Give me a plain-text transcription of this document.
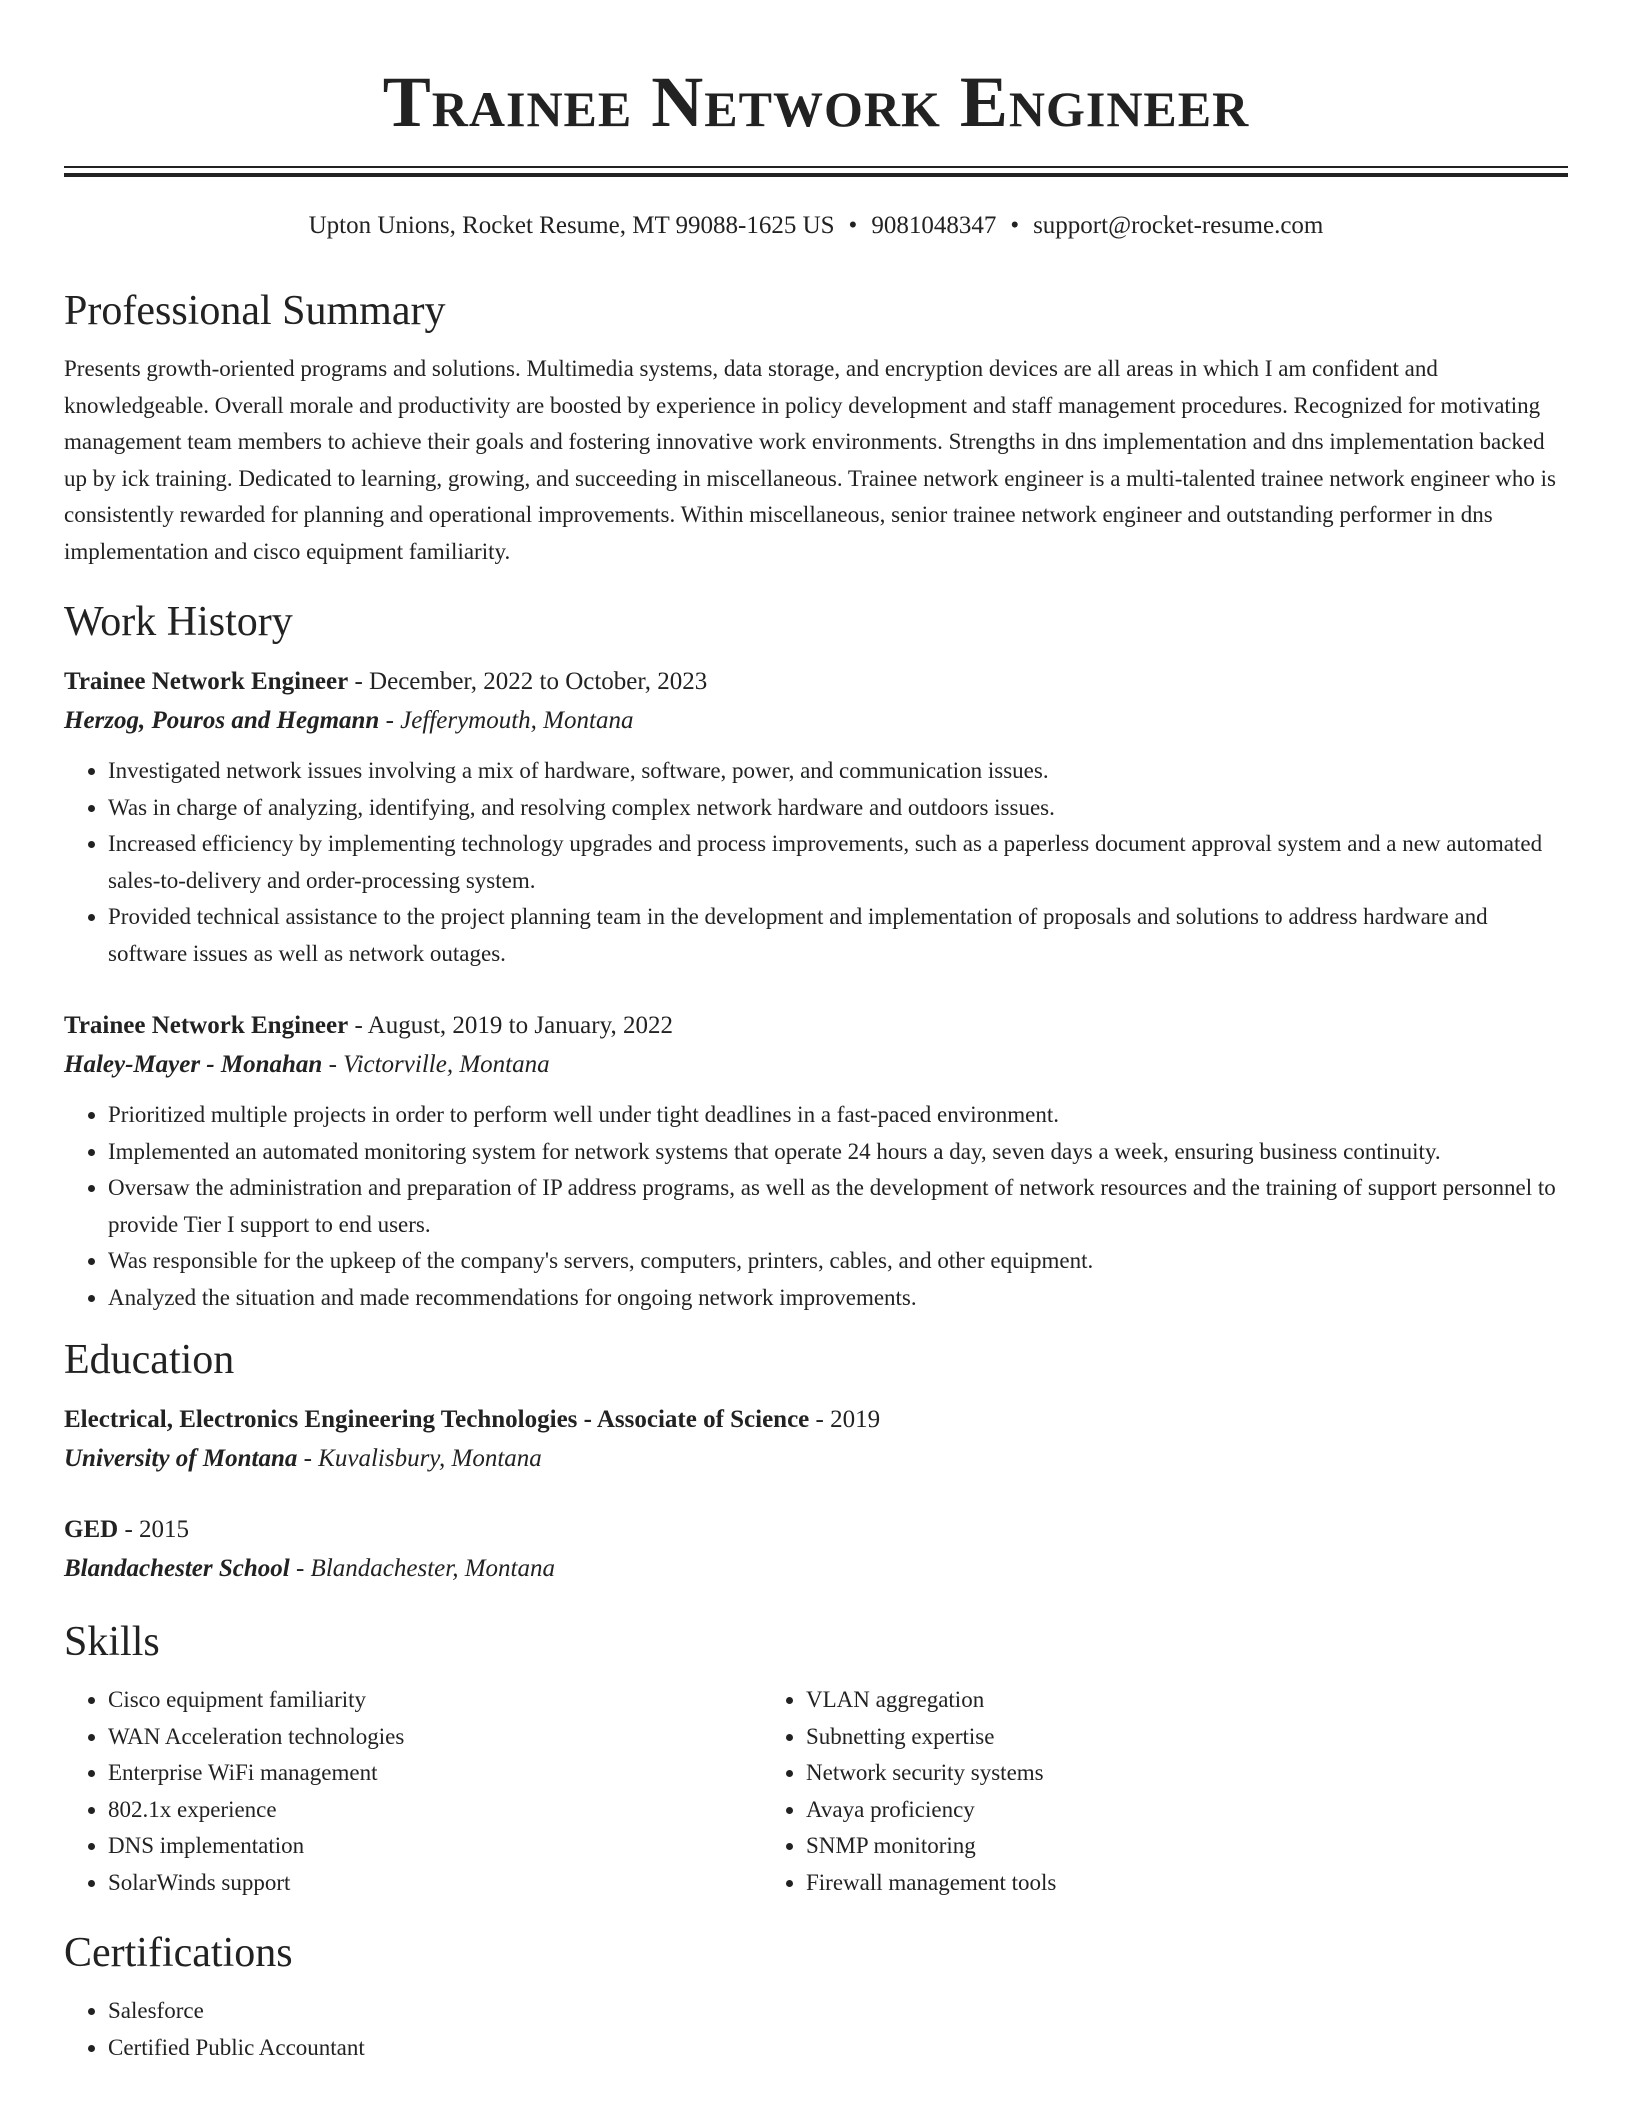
Trainee Network Engineer
Upton Unions, Rocket Resume, MT 99088-1625 US • 9081048347 • support@rocket-resume.com
Professional Summary
Presents growth-oriented programs and solutions. Multimedia systems, data storage, and encryption devices are all areas in which I am confident and knowledgeable. Overall morale and productivity are boosted by experience in policy development and staff management procedures. Recognized for motivating management team members to achieve their goals and fostering innovative work environments. Strengths in dns implementation and dns implementation backed up by ick training. Dedicated to learning, growing, and succeeding in miscellaneous. Trainee network engineer is a multi-talented trainee network engineer who is consistently rewarded for planning and operational improvements. Within miscellaneous, senior trainee network engineer and outstanding performer in dns implementation and cisco equipment familiarity.
Work History
Trainee Network Engineer - December, 2022 to October, 2023
Herzog, Pouros and Hegmann - Jefferymouth, Montana
• Investigated network issues involving a mix of hardware, software, power, and communication issues.
• Was in charge of analyzing, identifying, and resolving complex network hardware and outdoors issues.
• Increased efficiency by implementing technology upgrades and process improvements, such as a paperless document approval system and a new automated sales-to-delivery and order-processing system.
• Provided technical assistance to the project planning team in the development and implementation of proposals and solutions to address hardware and software issues as well as network outages.
Trainee Network Engineer - August, 2019 to January, 2022
Haley-Mayer - Monahan - Victorville, Montana
• Prioritized multiple projects in order to perform well under tight deadlines in a fast-paced environment.
• Implemented an automated monitoring system for network systems that operate 24 hours a day, seven days a week, ensuring business continuity.
• Oversaw the administration and preparation of IP address programs, as well as the development of network resources and the training of support personnel to provide Tier I support to end users.
• Was responsible for the upkeep of the company's servers, computers, printers, cables, and other equipment.
• Analyzed the situation and made recommendations for ongoing network improvements.
Education
Electrical, Electronics Engineering Technologies - Associate of Science - 2019
University of Montana - Kuvalisbury, Montana
GED - 2015
Blandachester School - Blandachester, Montana
Skills
• Cisco equipment familiarity
• WAN Acceleration technologies
• Enterprise WiFi management
• 802.1x experience
• DNS implementation
• SolarWinds support
• VLAN aggregation
• Subnetting expertise
• Network security systems
• Avaya proficiency
• SNMP monitoring
• Firewall management tools
Certifications
• Salesforce
• Certified Public Accountant
